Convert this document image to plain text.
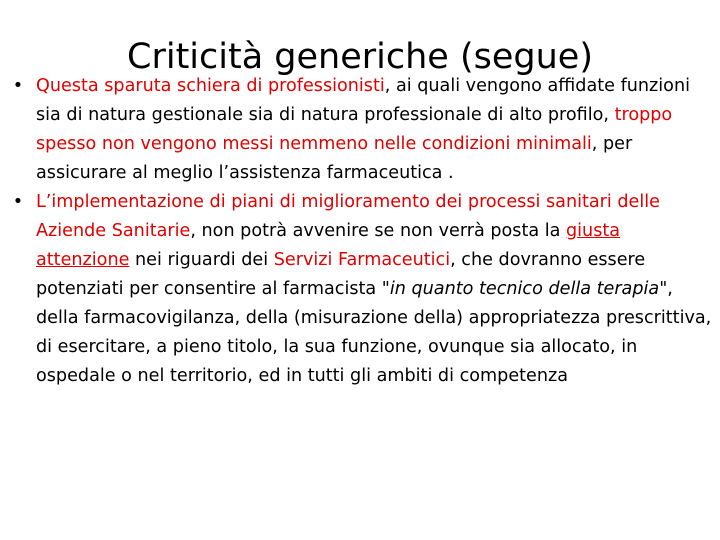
Criticità generiche (segue)
• Questa sparuta schiera di professionisti, ai quali vengono affidate funzioni sia di natura gestionale sia di natura professionale di alto profilo, troppo spesso non vengono messi nemmeno nelle condizioni minimali, per assicurare al meglio l’assistenza farmaceutica .
• L’implementazione di piani di miglioramento dei processi sanitari delle Aziende Sanitarie, non potrà avvenire se non verrà posta la giusta attenzione nei riguardi dei Servizi Farmaceutici, che dovranno essere potenziati per consentire al farmacista "in quanto tecnico della terapia", della farmacovigilanza, della (misurazione della) appropriatezza prescrittiva, di esercitare, a pieno titolo, la sua funzione, ovunque sia allocato, in ospedale o nel territorio, ed in tutti gli ambiti di competenza
